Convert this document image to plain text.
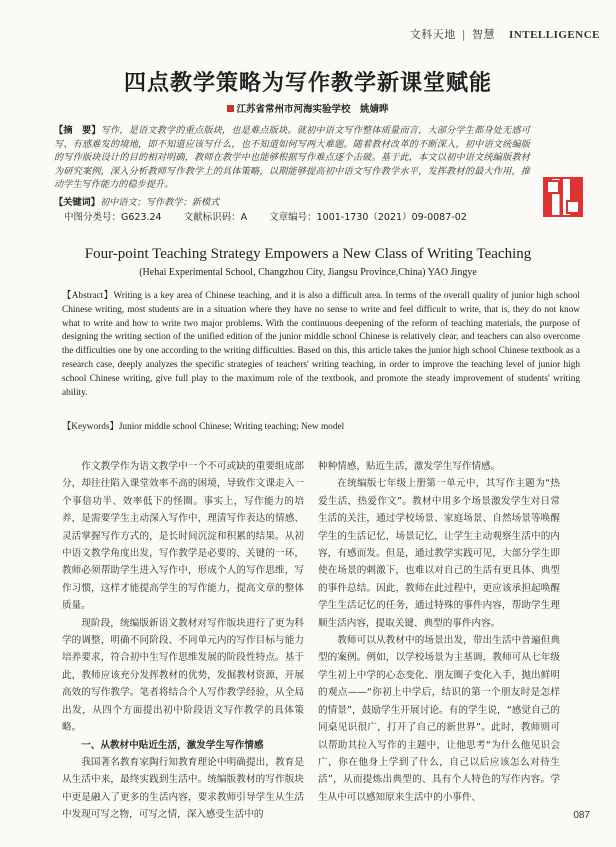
文科天地 | 智慧 INTELLIGENCE
四点教学策略为写作教学新课堂赋能
江苏省常州市河海实验学校　姚婧晔
【摘　要】写作，是语文教学的重点版块，也是难点版块。就初中语文写作整体质量而言，大部分学生都身处无感可写、有感难发的境地，即不知道应该写什么，也不知道如何写两大难题。随着教材改革的不断深入，初中语文统编版的写作版块设计的目的相对明确，教师在教学中也能够根据写作难点逐个击破。基于此，本文以初中语文统编版教材为研究案例，深入分析教师写作教学上的具体策略，以期能够提高初中语文写作教学水平，发挥教材的最大作用，推动学生写作能力的稳步提升。
【关键词】初中语文；写作教学；新模式
中图分类号：G623.24 文献标识码：A 文章编号：1001-1730（2021）09-0087-02
Four-point Teaching Strategy Empowers a New Class of Writing Teaching
(Hehai Experimental School, Changzhou City, Jiangsu Province,China) YAO Jingye
【Abstract】Writing is a key area of Chinese teaching, and it is also a difficult area. In terms of the overall quality of junior high school Chinese writing, most students are in a situation where they have no sense to write and feel difficult to write, that is, they do not know what to write and how to write two major problems. With the continuous deepening of the reform of teaching materials, the purpose of designing the writing section of the unified edition of the junior middle school Chinese is relatively clear, and teachers can also overcome the difficulties one by one according to the writing difficulties. Based on this, this article takes the junior high school Chinese textbook as a research case, deeply analyzes the specific strategies of teachers' writing teaching, in order to improve the teaching level of junior high school Chinese writing, give full play to the maximum role of the textbook, and promote the steady improvement of students' writing ability.
【Keywords】Junior middle school Chinese; Writing teaching; New model

作文教学作为语文教学中一个不可或缺的重要组成部分，却往往陷入课堂效率不高的困境，导致作文课走入一个事倍功半、效率低下的怪圈。事实上，写作能力的培养，是需要学生主动深入写作中，理清写作表达的情感、灵活掌握写作方式的，是长时间沉淀和积累的结果。从初中语文教学角度出发，写作教学是必要的、关键的一环，教师必须帮助学生进入写作中，形成个人的写作思维，写作习惯，这样才能提高学生的写作能力，提高文章的整体质量。

现阶段，统编版新语文教材对写作版块进行了更为科学的调整，明确不同阶段、不同单元内的写作目标与能力培养要求，符合初中生写作思维发展的阶段性特点。基于此，教师应该充分发挥教材的优势，发掘教材资源，开展高效的写作教学。笔者将结合个人写作教学经验，从全局出发，从四个方面提出初中阶段语文写作教学的具体策略。

一、从教材中贴近生活，激发学生写作情感

我国著名教育家陶行知教育理论中明确提出，教育是从生活中来，最终实践到生活中。统编版教材的写作版块中更是融入了更多的生活内容，要求教师引导学生从生活中发现可写之物，可写之情，深入感受生活中的

种种情感，贴近生活，激发学生写作情感。

在统编版七年级上册第一单元中，其写作主题为“热爱生活，热爱作文”。教材中用多个场景激发学生对日常生活的关注，通过学校场景、家庭场景、自然场景等唤醒学生的生活记忆，场景记忆，让学生主动观察生活中的内容，有感而发。但是，通过教学实践可见，大部分学生即使在场景的刺激下，也难以对自己的生活有更具体、典型的事件总结。因此，教师在此过程中，更应该承担起唤醒学生生活记忆的任务，通过特殊的事件内容，帮助学生理顺生活内容，提取关键、典型的事件内容。

教师可以从教材中的场景出发，带出生活中普遍但典型的案例。例如，以学校场景为主基调，教师可从七年级学生初上中学的心态变化、朋友圈子变化入手，抛出鲜明的观点——“你初上中学后，结识的第一个朋友时是怎样的情景”，鼓励学生开展讨论。有的学生说，“感觉自己的同桌见识很广，打开了自己的新世界”。此时，教师则可以帮助其拉入写作的主题中，让他思考“为什么他见识会广，你在他身上学到了什么，自己以后应该怎么对待生活”，从而提炼出典型的、具有个人特色的写作内容。学生从中可以感知原来生活中的小事件、

087
